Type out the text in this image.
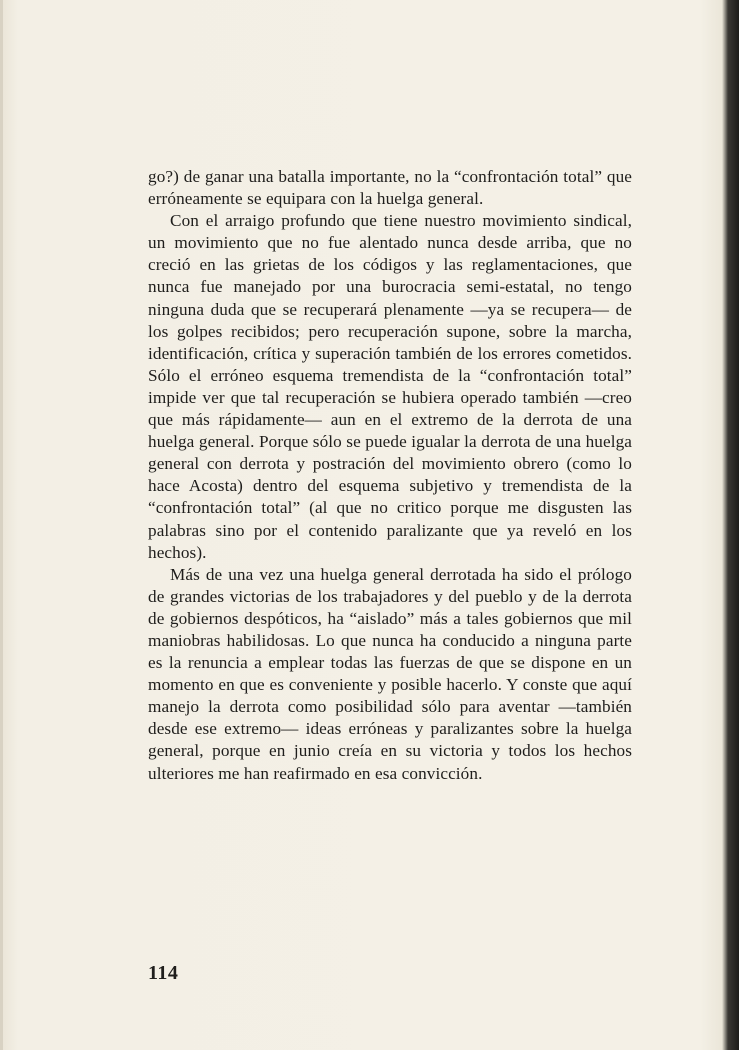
go?) de ganar una batalla importante, no la “confrontación total” que erróneamente se equipara con la huelga general.

Con el arraigo profundo que tiene nuestro movimiento sindical, un movimiento que no fue alentado nunca desde arriba, que no creció en las grietas de los códigos y las reglamentaciones, que nunca fue manejado por una burocracia semi-estatal, no tengo ninguna duda que se recuperará plenamente —ya se recupera— de los golpes recibidos; pero recuperación supone, sobre la marcha, identificación, crítica y superación también de los errores cometidos. Sólo el erróneo esquema tremendista de la “confrontación total” impide ver que tal recuperación se hubiera operado también —creo que más rápidamente— aun en el extremo de la derrota de una huelga general. Porque sólo se puede igualar la derrota de una huelga general con derrota y postración del movimiento obrero (como lo hace Acosta) dentro del esquema subjetivo y tremendista de la “confrontación total” (al que no critico porque me disgusten las palabras sino por el contenido paralizante que ya reveló en los hechos).

Más de una vez una huelga general derrotada ha sido el prólogo de grandes victorias de los trabajadores y del pueblo y de la derrota de gobiernos despóticos, ha “aislado” más a tales gobiernos que mil maniobras habilidosas. Lo que nunca ha conducido a ninguna parte es la renuncia a emplear todas las fuerzas de que se dispone en un momento en que es conveniente y posible hacerlo. Y conste que aquí manejo la derrota como posibilidad sólo para aventar —también desde ese extremo— ideas erróneas y paralizantes sobre la huelga general, porque en junio creía en su victoria y todos los hechos ulteriores me han reafirmado en esa convicción.

114
